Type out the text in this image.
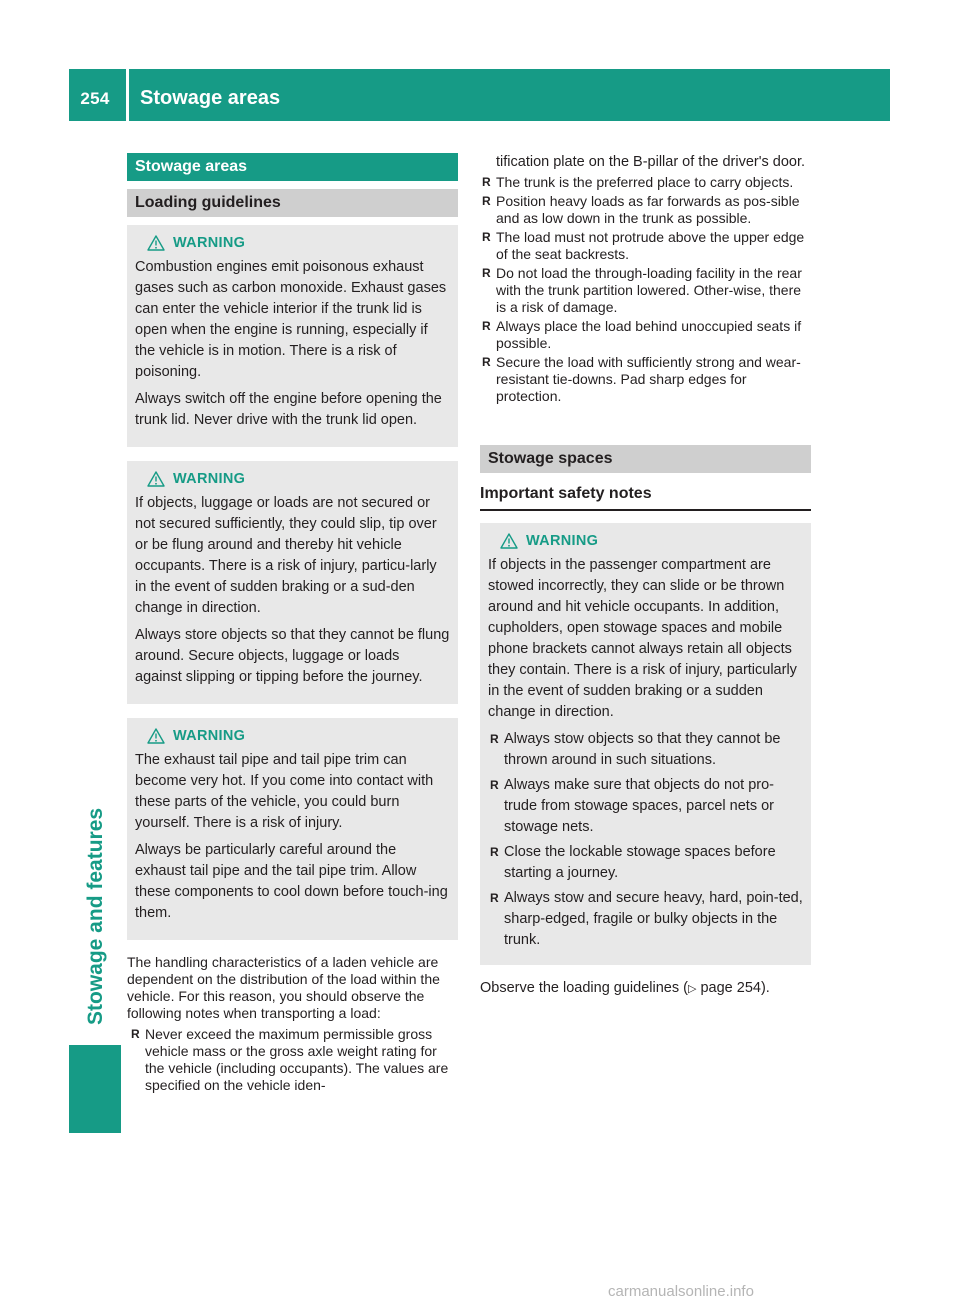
254	Stowage areas
Stowage and features
Stowage areas
Loading guidelines
WARNING

Combustion engines emit poisonous exhaust gases such as carbon monoxide. Exhaust gases can enter the vehicle interior if the trunk lid is open when the engine is running, especially if the vehicle is in motion. There is a risk of poisoning.

Always switch off the engine before opening the trunk lid. Never drive with the trunk lid open.

WARNING

If objects, luggage or loads are not secured or not secured sufficiently, they could slip, tip over or be flung around and thereby hit vehicle occupants. There is a risk of injury, particu-larly in the event of sudden braking or a sud-den change in direction.

Always store objects so that they cannot be flung around. Secure objects, luggage or loads against slipping or tipping before the journey.

WARNING

The exhaust tail pipe and tail pipe trim can become very hot. If you come into contact with these parts of the vehicle, you could burn yourself. There is a risk of injury.

Always be particularly careful around the exhaust tail pipe and the tail pipe trim. Allow these components to cool down before touch-ing them.

The handling characteristics of a laden vehicle are dependent on the distribution of the load within the vehicle. For this reason, you should observe the following notes when transporting a load:

R Never exceed the maximum permissible gross vehicle mass or the gross axle weight rating for the vehicle (including occupants). The values are specified on the vehicle iden-

tification plate on the B-pillar of the driver's door.

R The trunk is the preferred place to carry objects.
R Position heavy loads as far forwards as pos-sible and as low down in the trunk as possible.
R The load must not protrude above the upper edge of the seat backrests.
R Do not load the through-loading facility in the rear with the trunk partition lowered. Other-wise, there is a risk of damage.
R Always place the load behind unoccupied seats if possible.
R Secure the load with sufficiently strong and wear-resistant tie-downs. Pad sharp edges for protection.
Stowage spaces
Important safety notes
WARNING

If objects in the passenger compartment are stowed incorrectly, they can slide or be thrown around and hit vehicle occupants. In addition, cupholders, open stowage spaces and mobile phone brackets cannot always retain all objects they contain. There is a risk of injury, particularly in the event of sudden braking or a sudden change in direction.

R Always stow objects so that they cannot be thrown around in such situations.
R Always make sure that objects do not pro-trude from stowage spaces, parcel nets or stowage nets.
R Close the lockable stowage spaces before starting a journey.
R Always stow and secure heavy, hard, poin-ted, sharp-edged, fragile or bulky objects in the trunk.

Observe the loading guidelines (▷ page 254).

carmanualsonline.info
